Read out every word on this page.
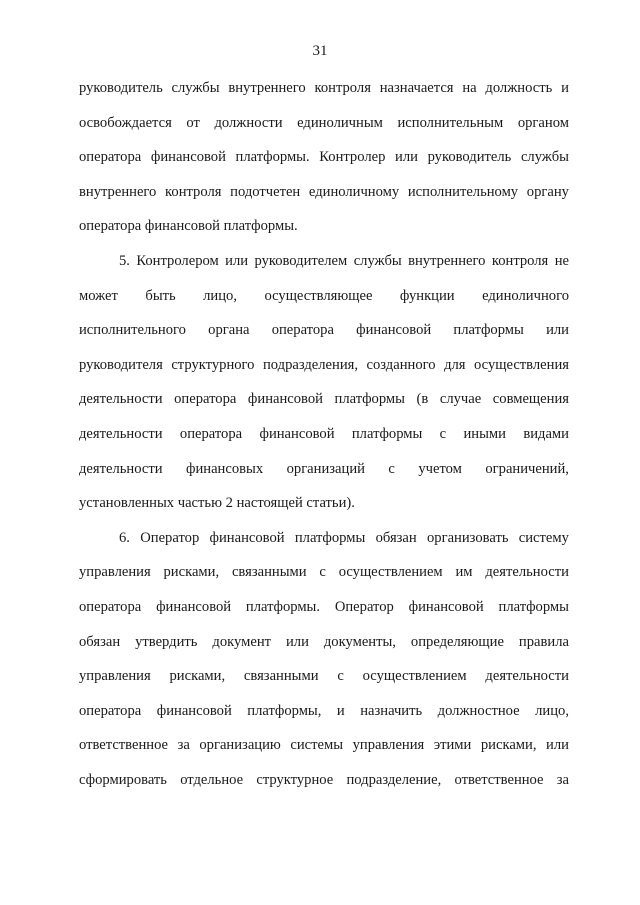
31
руководитель службы внутреннего контроля назначается на должность и
освобождается от должности единоличным исполнительным органом
оператора финансовой платформы. Контролер или руководитель службы
внутреннего контроля подотчетен единоличному исполнительному органу
оператора финансовой платформы.
5. Контролером или руководителем службы внутреннего контроля не
может быть лицо, осуществляющее функции единоличного
исполнительного органа оператора финансовой платформы или
руководителя структурного подразделения, созданного для осуществления
деятельности оператора финансовой платформы (в случае совмещения
деятельности оператора финансовой платформы с иными видами
деятельности финансовых организаций с учетом ограничений,
установленных частью 2 настоящей статьи).
6. Оператор финансовой платформы обязан организовать систему
управления рисками, связанными с осуществлением им деятельности
оператора финансовой платформы. Оператор финансовой платформы
обязан утвердить документ или документы, определяющие правила
управления рисками, связанными с осуществлением деятельности
оператора финансовой платформы, и назначить должностное лицо,
ответственное за организацию системы управления этими рисками, или
сформировать отдельное структурное подразделение, ответственное за
